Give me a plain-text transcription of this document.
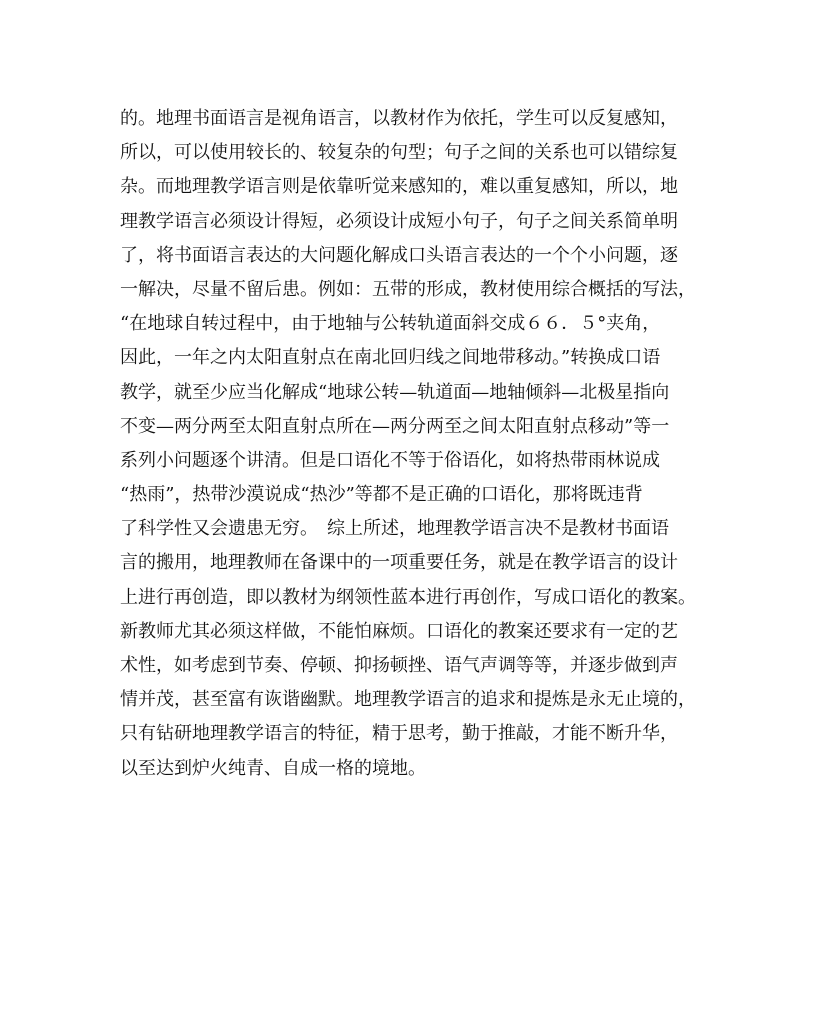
的。地理书面语言是视角语言，以教材作为依托，学生可以反复感知，
所以，可以使用较长的、较复杂的句型；句子之间的关系也可以错综复
杂。而地理教学语言则是依靠听觉来感知的，难以重复感知，所以，地
理教学语言必须设计得短，必须设计成短小句子，句子之间关系简单明
了，将书面语言表达的大问题化解成口头语言表达的一个个小问题，逐
一解决，尽量不留后患。例如：五带的形成，教材使用综合概括的写法，
“在地球自转过程中，由于地轴与公转轨道面斜交成６６．５°夹角，
因此，一年之内太阳直射点在南北回归线之间地带移动。”转换成口语
教学，就至少应当化解成“地球公转—轨道面—地轴倾斜—北极星指向
不变—两分两至太阳直射点所在—两分两至之间太阳直射点移动”等一
系列小问题逐个讲清。但是口语化不等于俗语化，如将热带雨林说成
“热雨”，热带沙漠说成“热沙”等都不是正确的口语化，那将既违背
了科学性又会遗患无穷。　综上所述，地理教学语言决不是教材书面语
言的搬用，地理教师在备课中的一项重要任务，就是在教学语言的设计
上进行再创造，即以教材为纲领性蓝本进行再创作，写成口语化的教案。
新教师尤其必须这样做，不能怕麻烦。口语化的教案还要求有一定的艺
术性，如考虑到节奏、停顿、抑扬顿挫、语气声调等等，并逐步做到声
情并茂，甚至富有诙谐幽默。地理教学语言的追求和提炼是永无止境的，
只有钻研地理教学语言的特征，精于思考，勤于推敲，才能不断升华，
以至达到炉火纯青、自成一格的境地。
